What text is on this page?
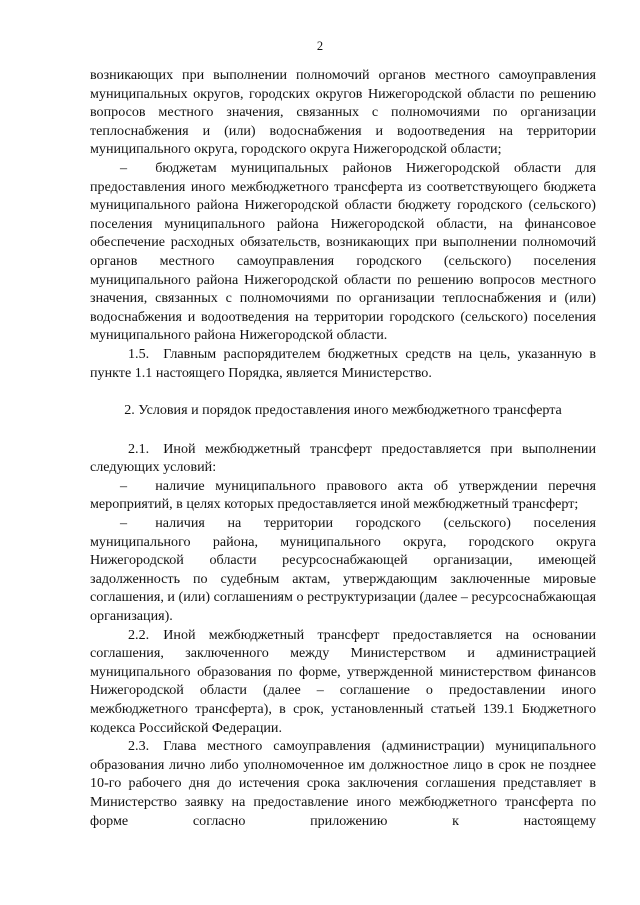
2

возникающих при выполнении полномочий органов местного самоуправления муниципальных округов, городских округов Нижегородской области по решению вопросов местного значения, связанных с полномочиями по организации теплоснабжения и (или) водоснабжения и водоотведения на территории муниципального округа, городского округа Нижегородской области;

–  бюджетам муниципальных районов Нижегородской области для предоставления иного межбюджетного трансферта из соответствующего бюджета муниципального района Нижегородской области бюджету городского (сельского) поселения муниципального района Нижегородской области, на финансовое обеспечение расходных обязательств, возникающих при выполнении полномочий органов местного самоуправления городского (сельского) поселения муниципального района Нижегородской области по решению вопросов местного значения, связанных с полномочиями по организации теплоснабжения и (или) водоснабжения и водоотведения на территории городского (сельского) поселения муниципального района Нижегородской области.

1.5. Главным распорядителем бюджетных средств на цель, указанную в пункте 1.1 настоящего Порядка, является Министерство.

2. Условия и порядок предоставления иного межбюджетного трансферта

2.1. Иной межбюджетный трансферт предоставляется при выполнении следующих условий:

–  наличие муниципального правового акта об утверждении перечня мероприятий, в целях которых предоставляется иной межбюджетный трансферт;

–  наличия на территории городского (сельского) поселения муниципального района, муниципального округа, городского округа Нижегородской области ресурсоснабжающей организации, имеющей задолженность по судебным актам, утверждающим заключенные мировые соглашения, и (или) соглашениям о реструктуризации (далее – ресурсоснабжающая организация).

2.2. Иной межбюджетный трансферт предоставляется на основании соглашения, заключенного между Министерством и администрацией муниципального образования по форме, утвержденной министерством финансов Нижегородской области (далее – соглашение о предоставлении иного межбюджетного трансферта), в срок, установленный статьей 139.1 Бюджетного кодекса Российской Федерации.

2.3. Глава местного самоуправления (администрации) муниципального образования лично либо уполномоченное им должностное лицо в срок не позднее 10-го рабочего дня до истечения срока заключения соглашения представляет в Министерство заявку на предоставление иного межбюджетного трансферта по форме согласно приложению к настоящему
